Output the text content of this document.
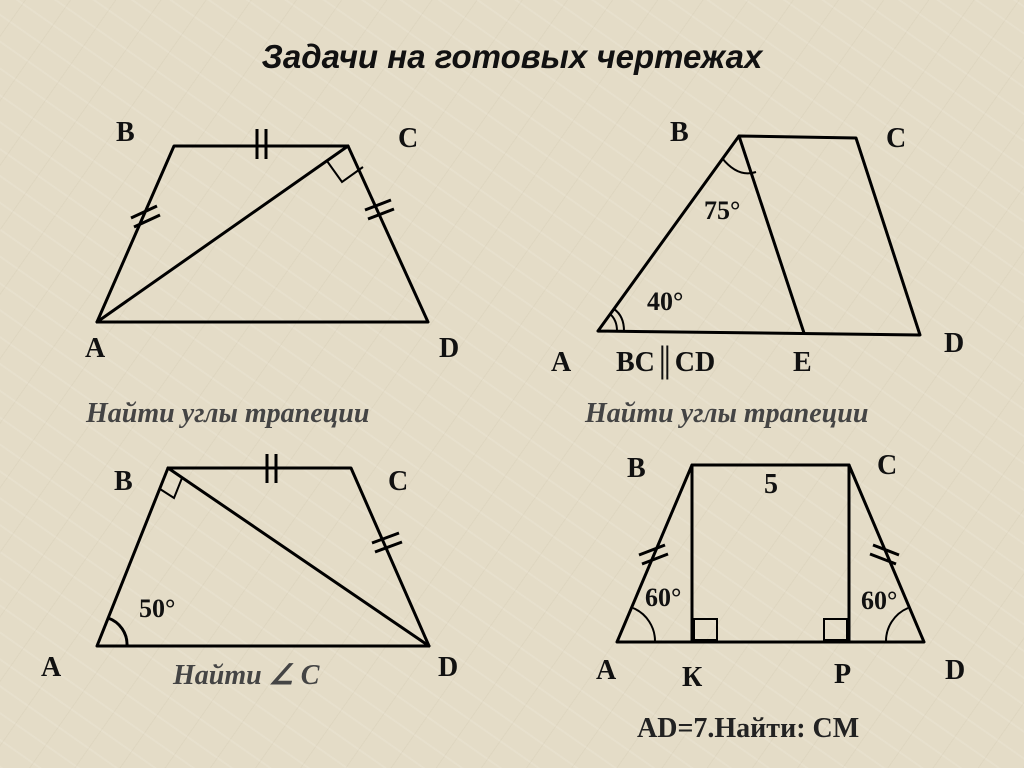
Задачи на готовых чертежах
B	C
A	D
Найти углы трапеции
B	C
75°
40°
A BC║CD	E
D
Найти углы трапеции
B	C
50°
A	D
Найти ∠ C
B	C
5
60°	60°
A К	Р	D
AD=7.Найти: CM
